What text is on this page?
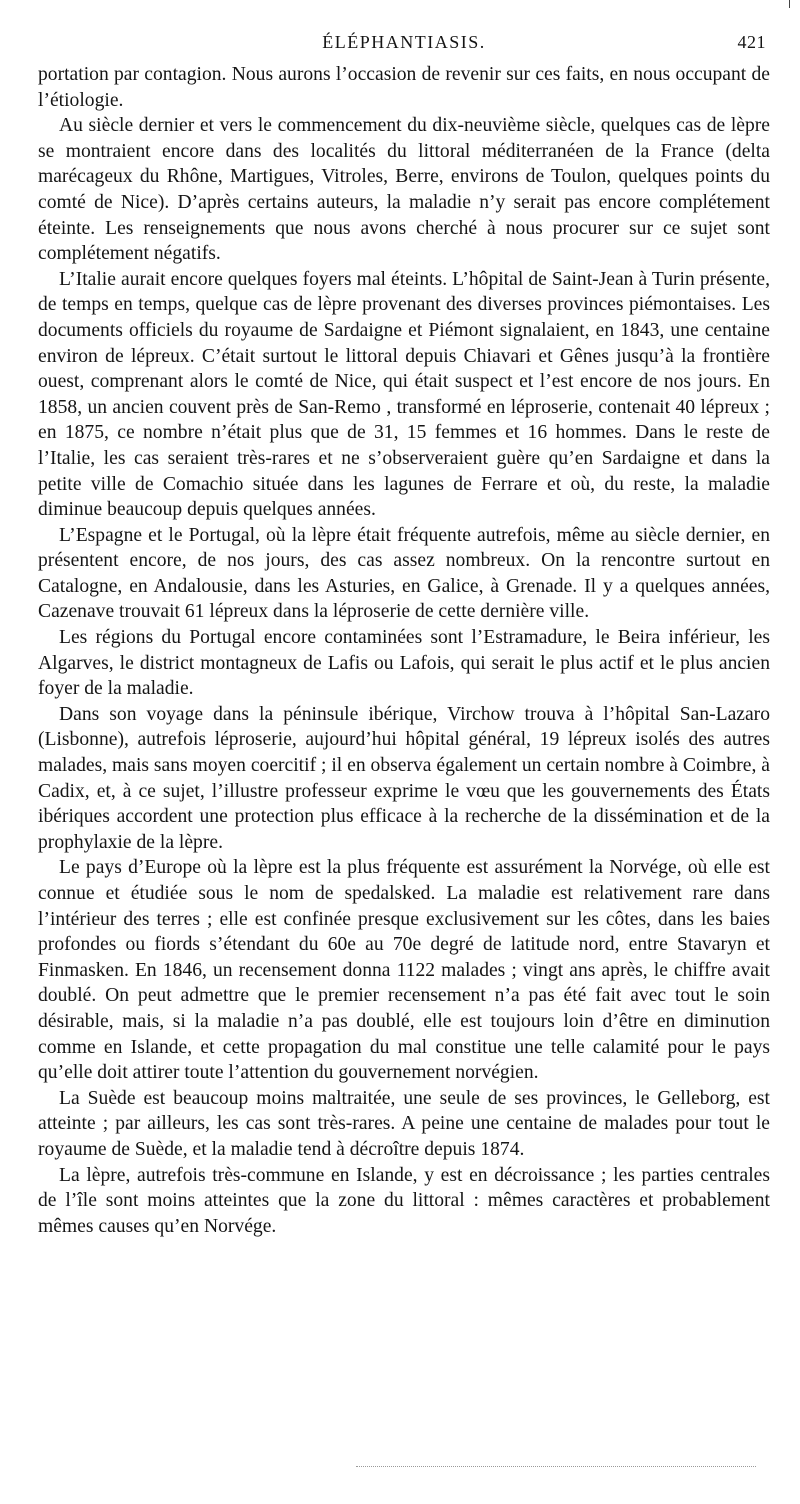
ÉLÉPHANTIASIS.	421

portation par contagion. Nous aurons l’occasion de revenir sur ces faits, en nous occupant de l’étiologie.

Au siècle dernier et vers le commencement du dix-neuvième siècle, quelques cas de lèpre se montraient encore dans des localités du littoral méditerranéen de la France (delta marécageux du Rhône, Martigues, Vitroles, Berre, environs de Toulon, quelques points du comté de Nice). D’après certains auteurs, la maladie n’y serait pas encore complétement éteinte. Les renseignements que nous avons cherché à nous procurer sur ce sujet sont complétement négatifs.

L’Italie aurait encore quelques foyers mal éteints. L’hôpital de Saint-Jean à Turin présente, de temps en temps, quelque cas de lèpre provenant des diverses provinces piémontaises. Les documents officiels du royaume de Sardaigne et Piémont signalaient, en 1843, une centaine environ de lépreux. C’était surtout le littoral depuis Chiavari et Gênes jusqu’à la frontière ouest, comprenant alors le comté de Nice, qui était suspect et l’est encore de nos jours. En 1858, un ancien couvent près de San-Remo , transformé en léproserie, contenait 40 lépreux ; en 1875, ce nombre n’était plus que de 31, 15 femmes et 16 hommes. Dans le reste de l’Italie, les cas seraient très-rares et ne s’observeraient guère qu’en Sardaigne et dans la petite ville de Comachio située dans les lagunes de Ferrare et où, du reste, la maladie diminue beaucoup depuis quelques années.

L’Espagne et le Portugal, où la lèpre était fréquente autrefois, même au siècle dernier, en présentent encore, de nos jours, des cas assez nombreux. On la rencontre surtout en Catalogne, en Andalousie, dans les Asturies, en Galice, à Grenade. Il y a quelques années, Cazenave trouvait 61 lépreux dans la léproserie de cette dernière ville.

Les régions du Portugal encore contaminées sont l’Estramadure, le Beira inférieur, les Algarves, le district montagneux de Lafis ou Lafois, qui serait le plus actif et le plus ancien foyer de la maladie.

Dans son voyage dans la péninsule ibérique, Virchow trouva à l’hôpital San-Lazaro (Lisbonne), autrefois léproserie, aujourd’hui hôpital général, 19 lépreux isolés des autres malades, mais sans moyen coercitif ; il en observa également un certain nombre à Coimbre, à Cadix, et, à ce sujet, l’illustre professeur exprime le vœu que les gouvernements des États ibériques accordent une protection plus efficace à la recherche de la dissémination et de la prophylaxie de la lèpre.

Le pays d’Europe où la lèpre est la plus fréquente est assurément la Norvége, où elle est connue et étudiée sous le nom de spedalsked. La maladie est relativement rare dans l’intérieur des terres ; elle est confinée presque exclusivement sur les côtes, dans les baies profondes ou fiords s’étendant du 60e au 70e degré de latitude nord, entre Stavaryn et Finmasken. En 1846, un recensement donna 1122 malades ; vingt ans après, le chiffre avait doublé. On peut admettre que le premier recensement n’a pas été fait avec tout le soin désirable, mais, si la maladie n’a pas doublé, elle est toujours loin d’être en diminution comme en Islande, et cette propagation du mal constitue une telle calamité pour le pays qu’elle doit attirer toute l’attention du gouvernement norvégien.

La Suède est beaucoup moins maltraitée, une seule de ses provinces, le Gelleborg, est atteinte ; par ailleurs, les cas sont très-rares. A peine une centaine de malades pour tout le royaume de Suède, et la maladie tend à décroître depuis 1874.

La lèpre, autrefois très-commune en Islande, y est en décroissance ; les parties centrales de l’île sont moins atteintes que la zone du littoral : mêmes caractères et probablement mêmes causes qu’en Norvége.
